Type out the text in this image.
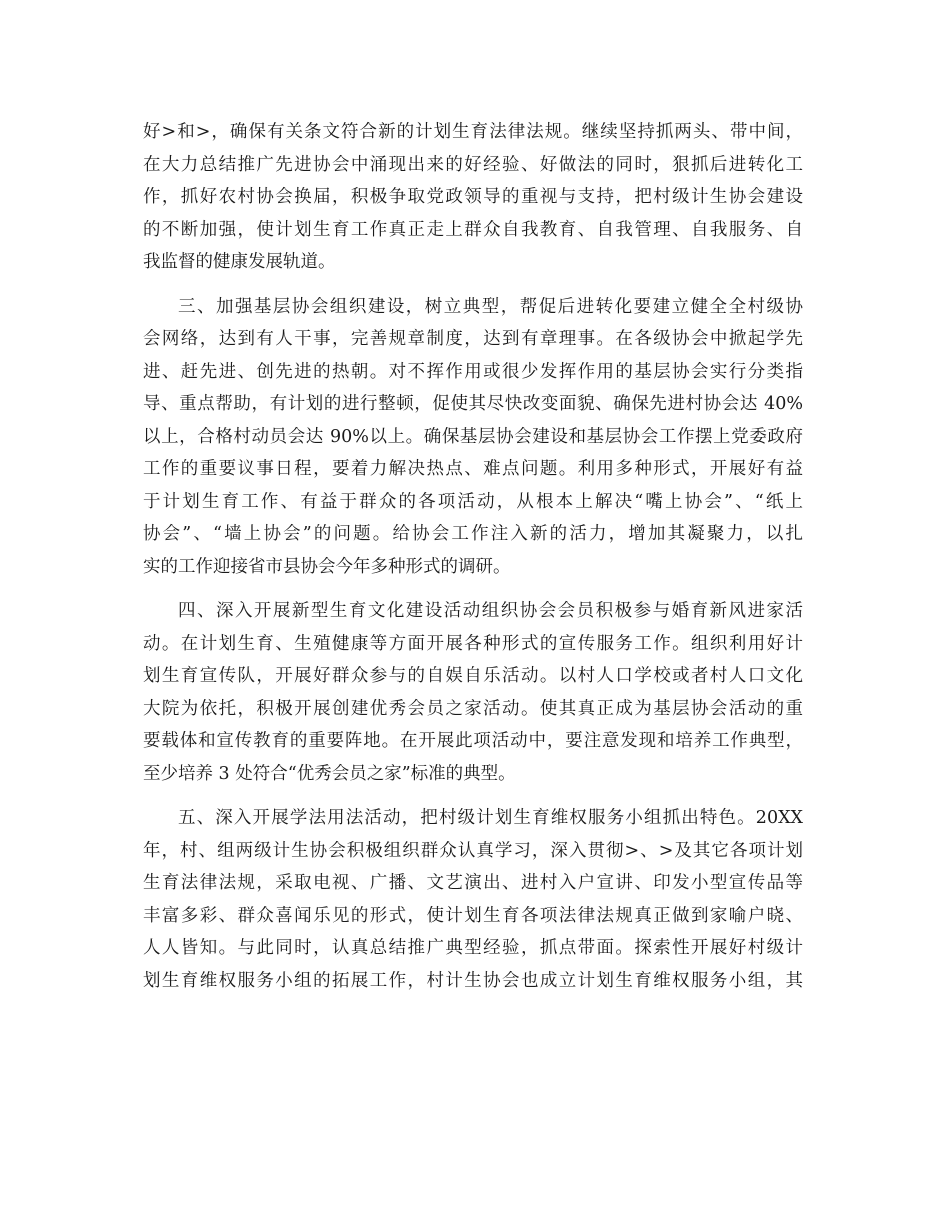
好>和>，确保有关条文符合新的计划生育法律法规。继续坚持抓两头、带中间，
在大力总结推广先进协会中涌现出来的好经验、好做法的同时，狠抓后进转化工
作，抓好农村协会换届，积极争取党政领导的重视与支持，把村级计生协会建设
的不断加强，使计划生育工作真正走上群众自我教育、自我管理、自我服务、自
我监督的健康发展轨道。
三、加强基层协会组织建设，树立典型，帮促后进转化要建立健全全村级协
会网络，达到有人干事，完善规章制度，达到有章理事。在各级协会中掀起学先
进、赶先进、创先进的热朝。对不挥作用或很少发挥作用的基层协会实行分类指
导、重点帮助，有计划的进行整顿，促使其尽快改变面貌、确保先进村协会达 40%
以上，合格村动员会达 90%以上。确保基层协会建设和基层协会工作摆上党委政府
工作的重要议事日程，要着力解决热点、难点问题。利用多种形式，开展好有益
于计划生育工作、有益于群众的各项活动，从根本上解决“嘴上协会”、“纸上
协会”、“墙上协会”的问题。给协会工作注入新的活力，增加其凝聚力，以扎
实的工作迎接省市县协会今年多种形式的调研。
四、深入开展新型生育文化建设活动组织协会会员积极参与婚育新风进家活
动。在计划生育、生殖健康等方面开展各种形式的宣传服务工作。组织利用好计
划生育宣传队，开展好群众参与的自娱自乐活动。以村人口学校或者村人口文化
大院为依托，积极开展创建优秀会员之家活动。使其真正成为基层协会活动的重
要载体和宣传教育的重要阵地。在开展此项活动中，要注意发现和培养工作典型，
至少培养 3 处符合“优秀会员之家”标准的典型。
五、深入开展学法用法活动，把村级计划生育维权服务小组抓出特色。20XX
年，村、组两级计生协会积极组织群众认真学习，深入贯彻>、>及其它各项计划
生育法律法规，采取电视、广播、文艺演出、进村入户宣讲、印发小型宣传品等
丰富多彩、群众喜闻乐见的形式，使计划生育各项法律法规真正做到家喻户晓、
人人皆知。与此同时，认真总结推广典型经验，抓点带面。探索性开展好村级计
划生育维权服务小组的拓展工作，村计生协会也成立计划生育维权服务小组，其
